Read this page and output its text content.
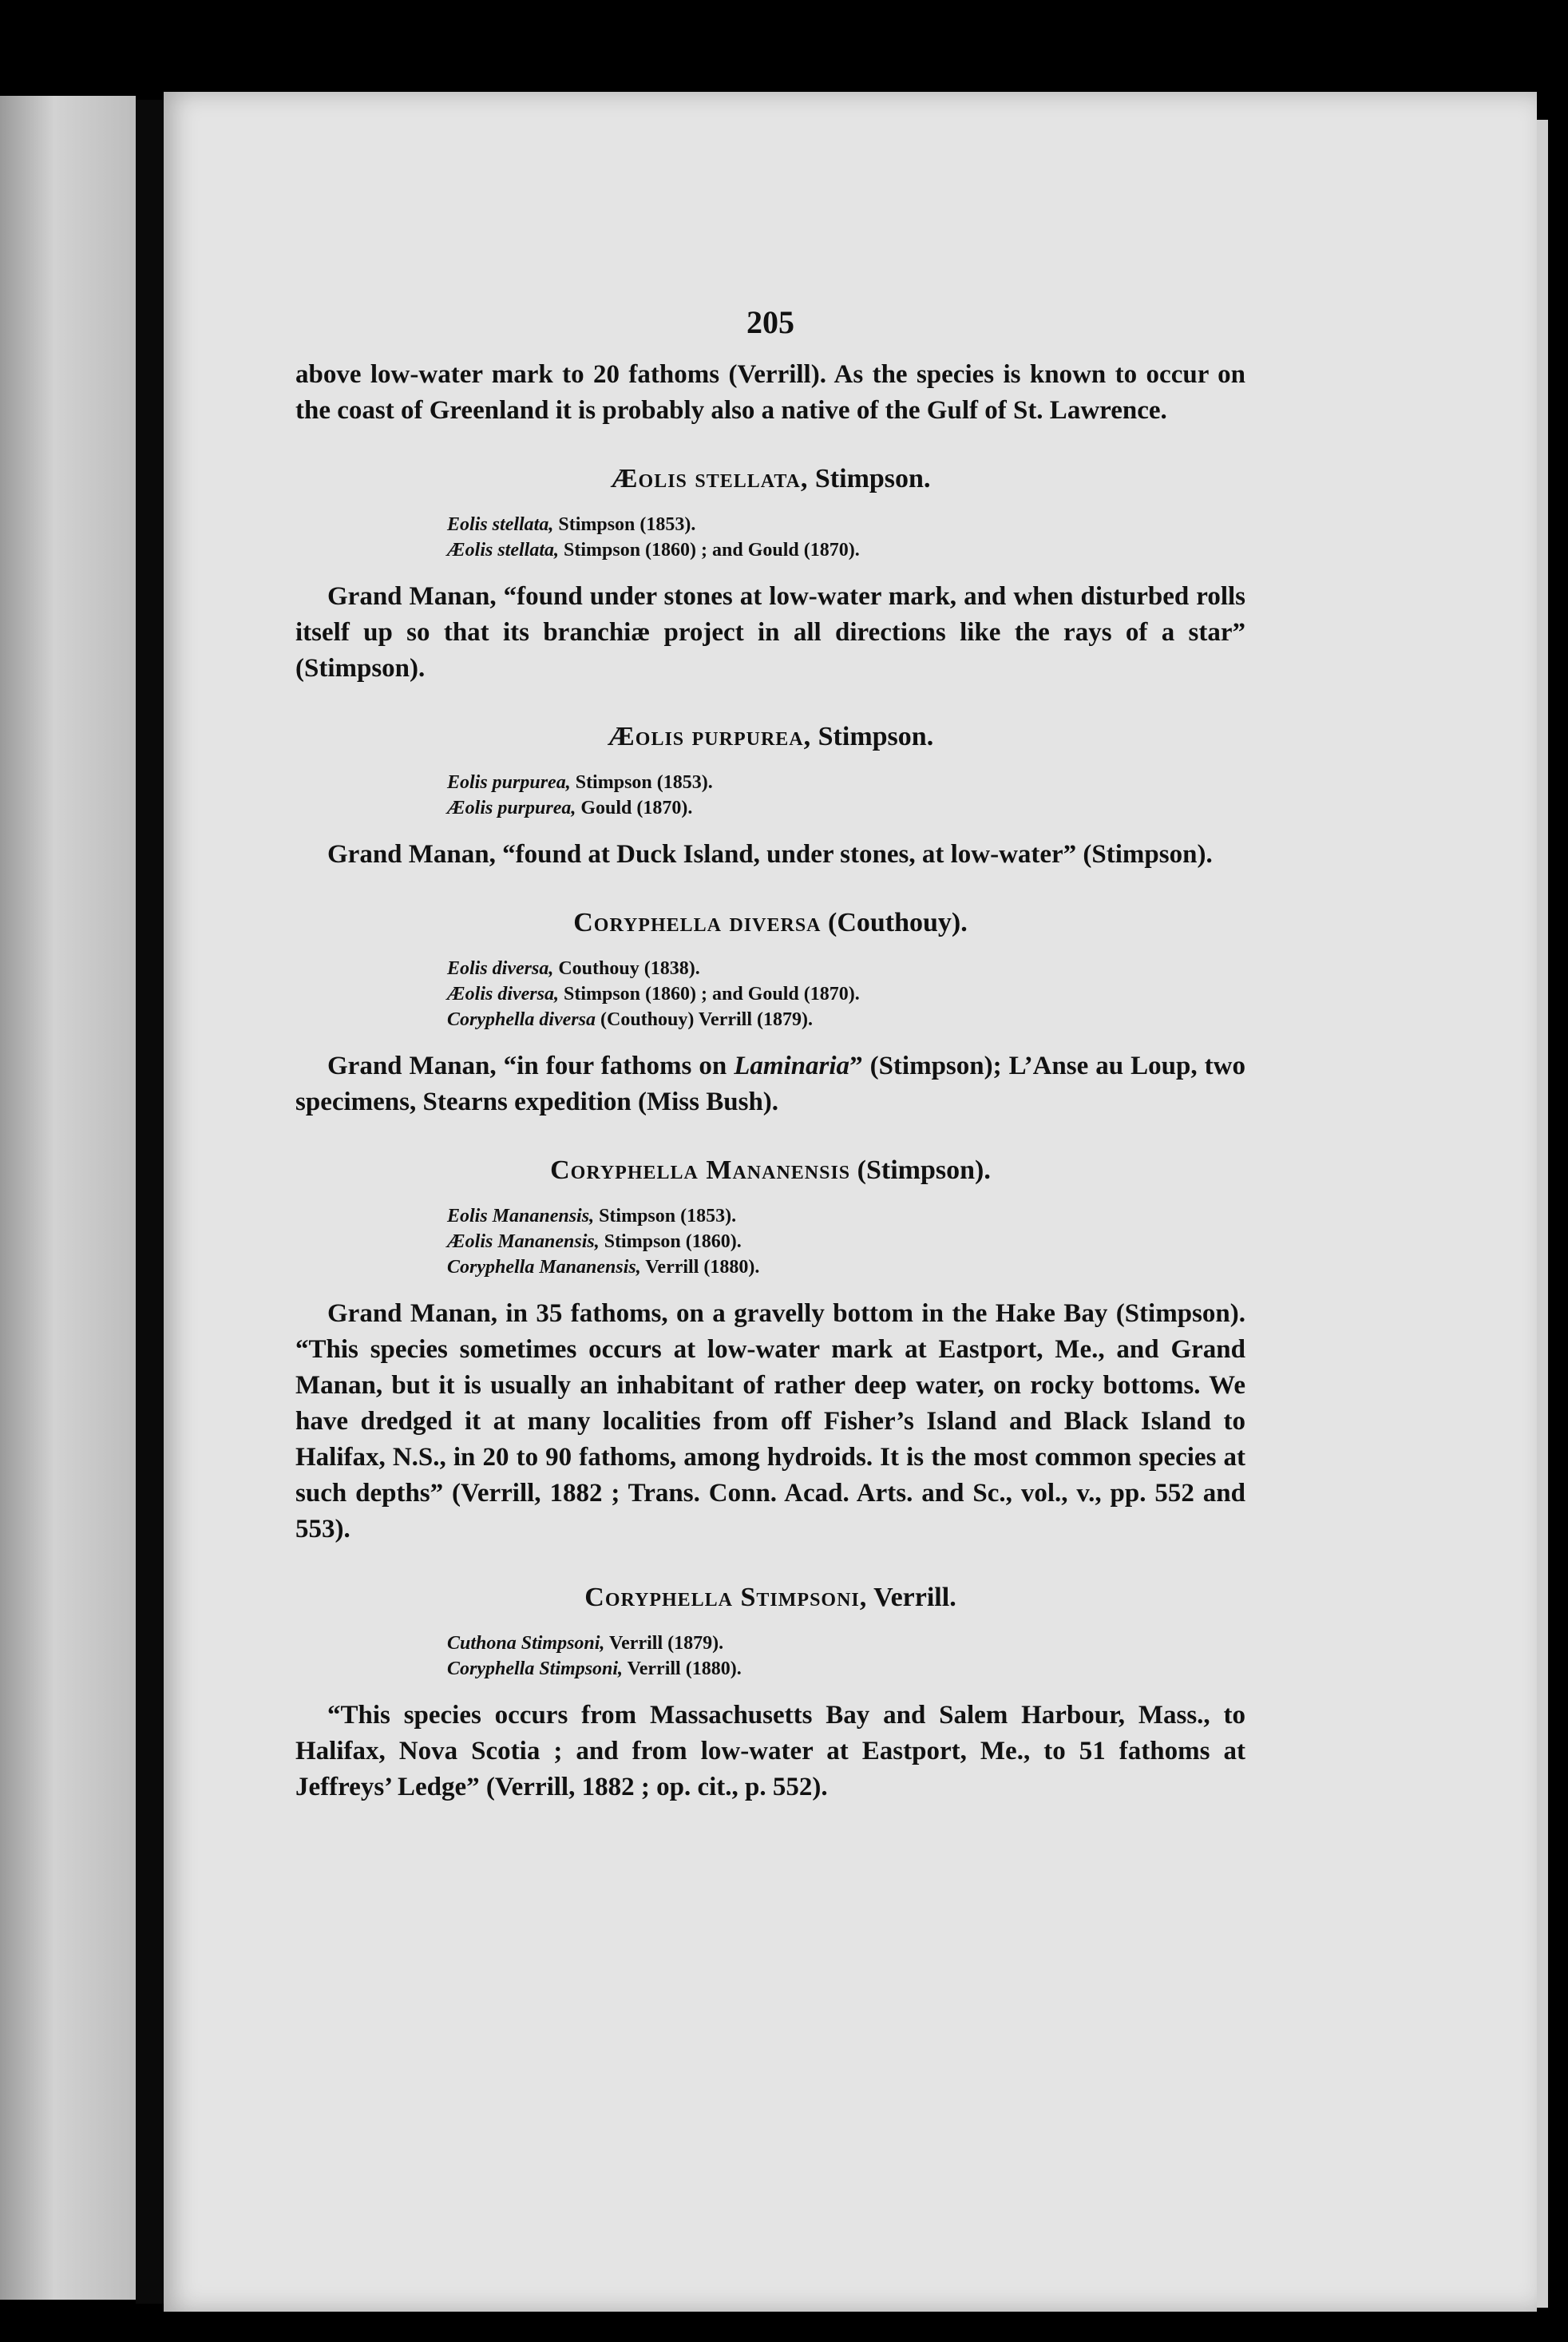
205

above low-water mark to 20 fathoms (Verrill). As the species is known to occur on the coast of Greenland it is probably also a native of the Gulf of St. Lawrence.

Æolis stellata, Stimpson.
Eolis stellata, Stimpson (1853).
Æolis stellata, Stimpson (1860) ; and Gould (1870).

Grand Manan, “found under stones at low-water mark, and when disturbed rolls itself up so that its branchiæ project in all directions like the rays of a star” (Stimpson).

Æolis purpurea, Stimpson.
Eolis purpurea, Stimpson (1853).
Æolis purpurea, Gould (1870).

Grand Manan, “found at Duck Island, under stones, at low-water” (Stimpson).

Coryphella diversa (Couthouy).
Eolis diversa, Couthouy (1838).
Æolis diversa, Stimpson (1860) ; and Gould (1870).
Coryphella diversa (Couthouy) Verrill (1879).

Grand Manan, “in four fathoms on Laminaria” (Stimpson); L’Anse au Loup, two specimens, Stearns expedition (Miss Bush).

Coryphella Mananensis (Stimpson).
Eolis Mananensis, Stimpson (1853).
Æolis Mananensis, Stimpson (1860).
Coryphella Mananensis, Verrill (1880).

Grand Manan, in 35 fathoms, on a gravelly bottom in the Hake Bay (Stimpson). “This species sometimes occurs at low-water mark at Eastport, Me., and Grand Manan, but it is usually an inhabitant of rather deep water, on rocky bottoms. We have dredged it at many localities from off Fisher’s Island and Black Island to Halifax, N.S., in 20 to 90 fathoms, among hydroids. It is the most common species at such depths” (Verrill, 1882 ; Trans. Conn. Acad. Arts. and Sc., vol., v., pp. 552 and 553).

Coryphella Stimpsoni, Verrill.
Cuthona Stimpsoni, Verrill (1879).
Coryphella Stimpsoni, Verrill (1880).

“This species occurs from Massachusetts Bay and Salem Harbour, Mass., to Halifax, Nova Scotia ; and from low-water at Eastport, Me., to 51 fathoms at Jeffreys’ Ledge” (Verrill, 1882 ; op. cit., p. 552).
